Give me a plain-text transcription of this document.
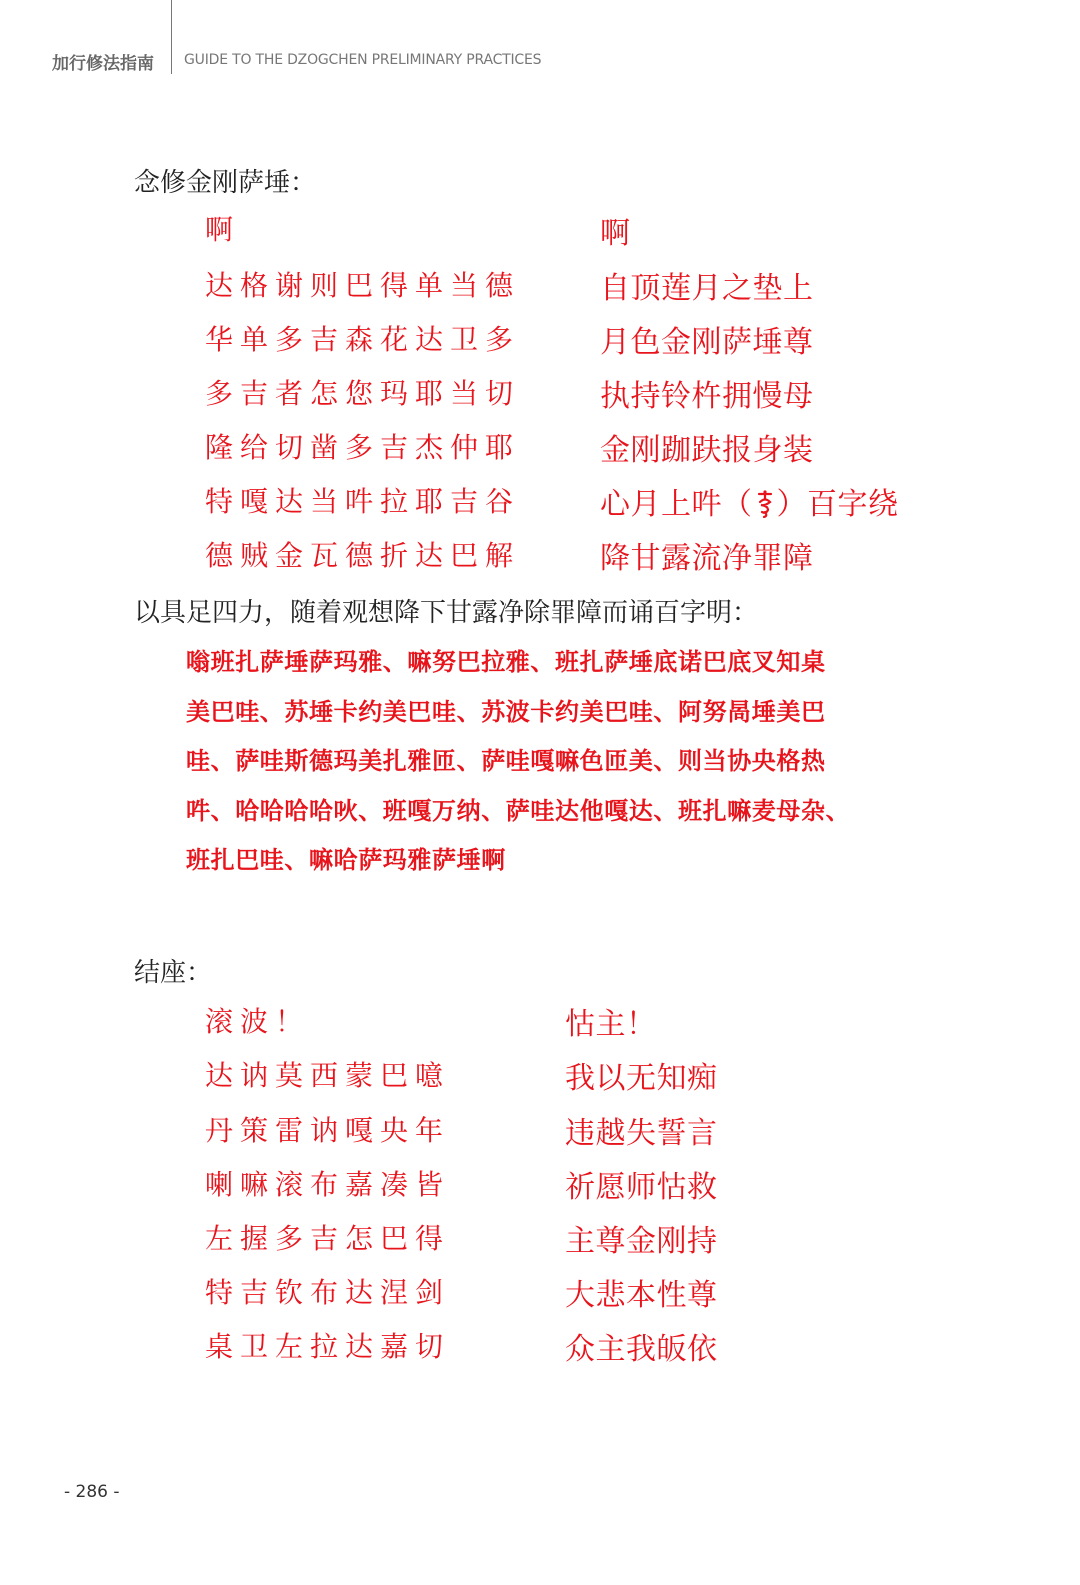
加行修法指南 GUIDE TO THE DZOGCHEN PRELIMINARY PRACTICES
念修金刚萨埵：
啊
达格谢则巴得单当德
华单多吉森花达卫多
多吉者怎您玛耶当切
隆给切凿多吉杰仲耶
特嘎达当吽拉耶吉谷
德贼金瓦德折达巴解
啊
自顶莲月之垫上
月色金刚萨埵尊
执持铃杵拥慢母
金刚跏趺报身装
心月上吽（ ）百字绕
降甘露流净罪障
以具足四力，随着观想降下甘露净除罪障而诵百字明：
嗡班扎萨埵萨玛雅、嘛努巴拉雅、班扎萨埵底诺巴底叉知桌
美巴哇、苏埵卡约美巴哇、苏波卡约美巴哇、阿努晑埵美巴
哇、萨哇斯德玛美扎雅匝、萨哇嘎嘛色匝美、则当协央格热
吽、哈哈哈哈吙、班嘎万纳、萨哇达他嘎达、班扎嘛麦母杂、
班扎巴哇、嘛哈萨玛雅萨埵啊
结座：
滚波！
达讷莫西蒙巴噫
丹策雷讷嘎央年
喇嘛滚布嘉凑皆
左握多吉怎巴得
特吉钦布达涅剑
桌卫左拉达嘉切
怙主！
我以无知痴
违越失誓言
祈愿师怙救
主尊金刚持
大悲本性尊
众主我皈依
- 286 -
